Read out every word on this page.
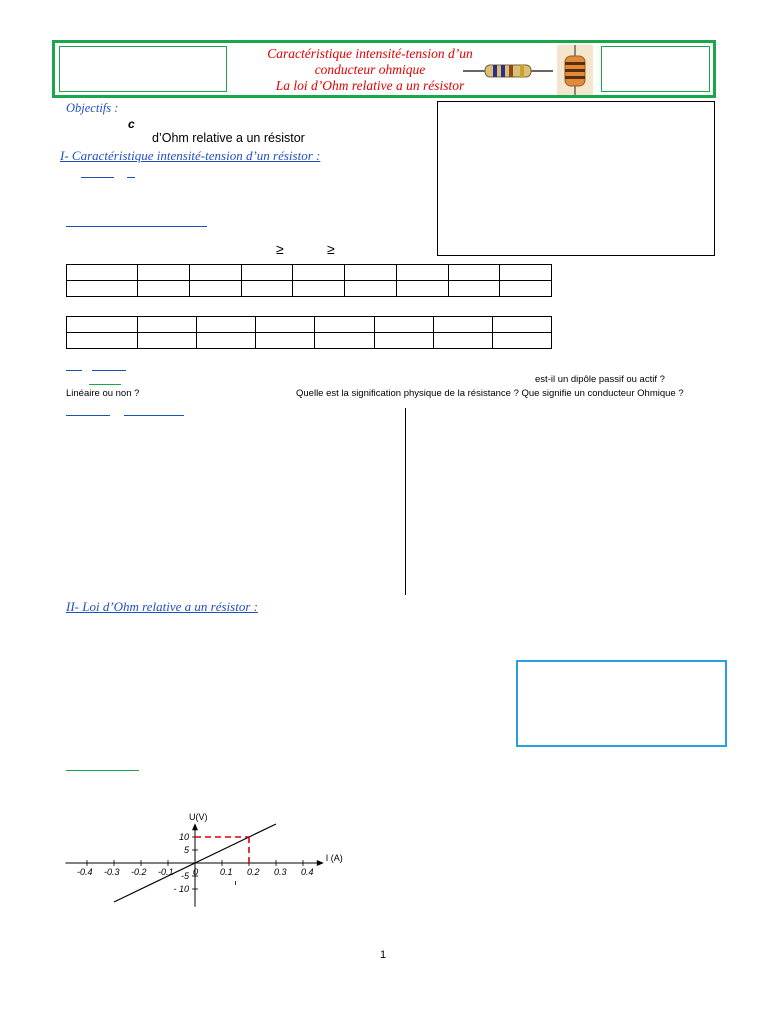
Caractéristique intensité-tension d’un
conducteur ohmique
La loi d’Ohm relative a un résistor
Objectifs :
c
d’Ohm relative a un résistor
I- Caractéristique intensité-tension d’un résistor :
≥	≥

est-il un dipôle passif ou actif ?
Linéaire ou non ?	Quelle est la signification physique de la résistance ? Que signifie un conducteur Ohmique ?
II- Loi d’Ohm relative a un résistor :
I (A)
U(V)
-0.4 -0.3 -0.2 -0.1 0 0.1 0.2 0.3 0.4
10
5
-5
- 10
1
